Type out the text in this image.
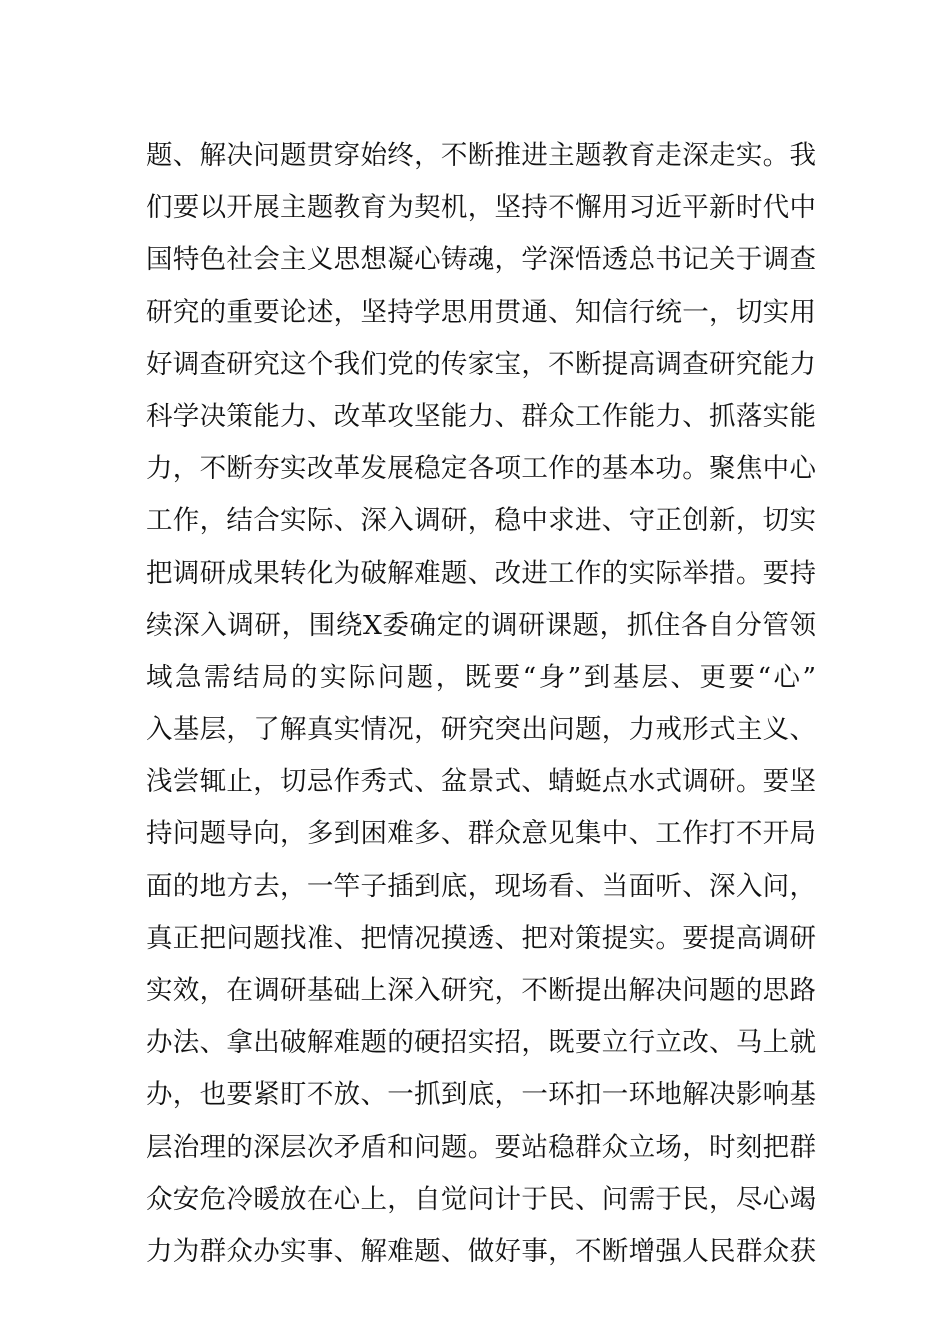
题、解决问题贯穿始终，不断推进主题教育走深走实。我
们要以开展主题教育为契机，坚持不懈用习近平新时代中
国特色社会主义思想凝心铸魂，学深悟透总书记关于调查
研究的重要论述，坚持学思用贯通、知信行统一，切实用
好调查研究这个我们党的传家宝，不断提高调查研究能力
科学决策能力、改革攻坚能力、群众工作能力、抓落实能
力，不断夯实改革发展稳定各项工作的基本功。聚焦中心
工作，结合实际、深入调研，稳中求进、守正创新，切实
把调研成果转化为破解难题、改进工作的实际举措。要持
续深入调研，围绕X委确定的调研课题，抓住各自分管领
域急需结局的实际问题，既要“身”到基层、更要“心”
入基层，了解真实情况，研究突出问题，力戒形式主义、
浅尝辄止，切忌作秀式、盆景式、蜻蜓点水式调研。要坚
持问题导向，多到困难多、群众意见集中、工作打不开局
面的地方去，一竿子插到底，现场看、当面听、深入问，
真正把问题找准、把情况摸透、把对策提实。要提高调研
实效，在调研基础上深入研究，不断提出解决问题的思路
办法、拿出破解难题的硬招实招，既要立行立改、马上就
办，也要紧盯不放、一抓到底，一环扣一环地解决影响基
层治理的深层次矛盾和问题。要站稳群众立场，时刻把群
众安危冷暖放在心上，自觉问计于民、问需于民，尽心竭
力为群众办实事、解难题、做好事，不断增强人民群众获
